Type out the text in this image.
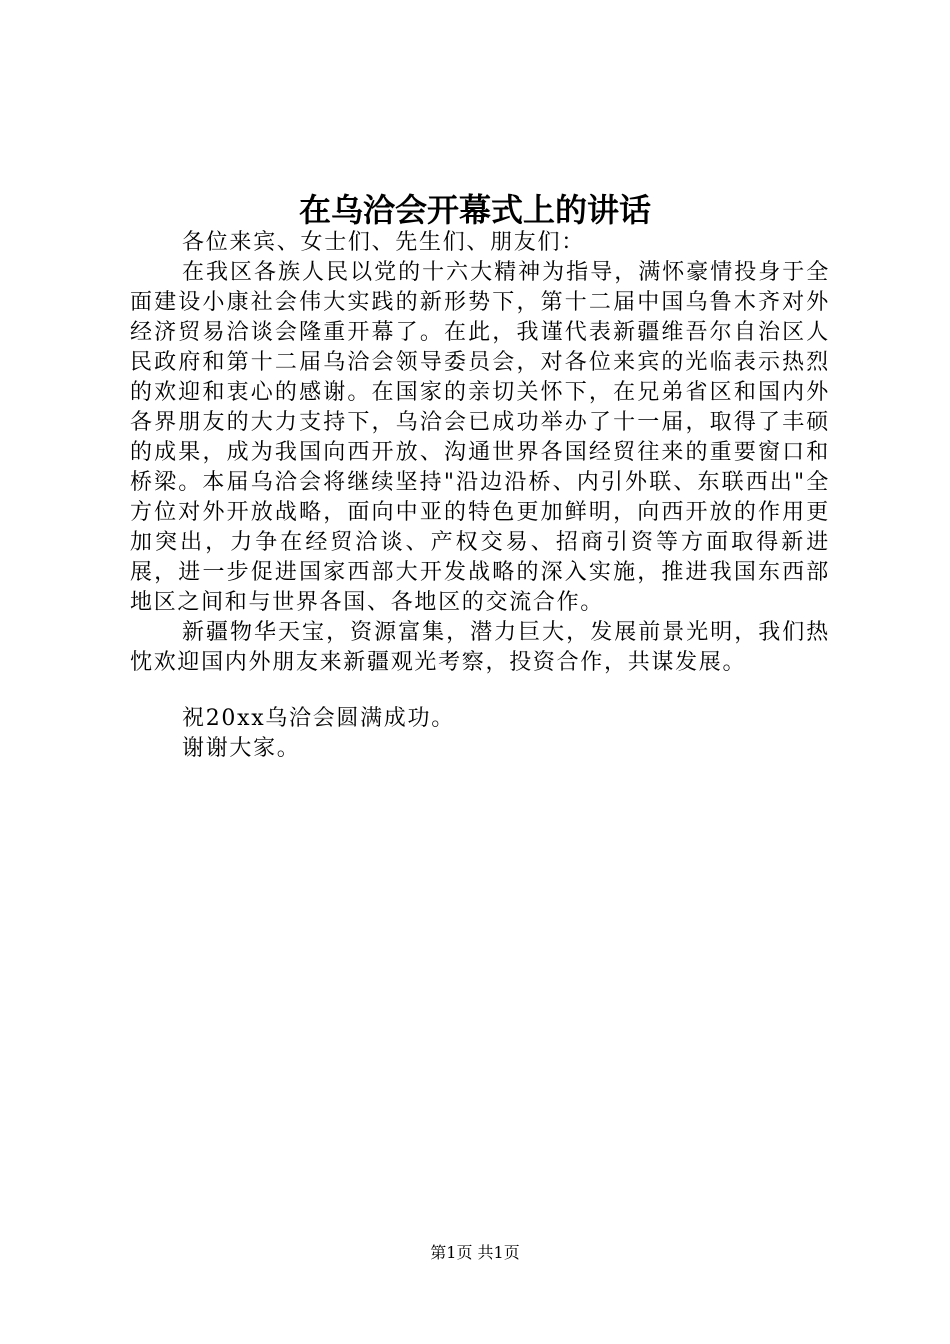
在乌洽会开幕式上的讲话

各位来宾、女士们、先生们、朋友们：

在我区各族人民以党的十六大精神为指导，满怀豪情投身于全面建设小康社会伟大实践的新形势下，第十二届中国乌鲁木齐对外经济贸易洽谈会隆重开幕了。在此，我谨代表新疆维吾尔自治区人民政府和第十二届乌洽会领导委员会，对各位来宾的光临表示热烈的欢迎和衷心的感谢。在国家的亲切关怀下，在兄弟省区和国内外各界朋友的大力支持下，乌洽会已成功举办了十一届，取得了丰硕的成果，成为我国向西开放、沟通世界各国经贸往来的重要窗口和桥梁。本届乌洽会将继续坚持"沿边沿桥、内引外联、东联西出"全方位对外开放战略，面向中亚的特色更加鲜明，向西开放的作用更加突出，力争在经贸洽谈、产权交易、招商引资等方面取得新进展，进一步促进国家西部大开发战略的深入实施，推进我国东西部地区之间和与世界各国、各地区的交流合作。

新疆物华天宝，资源富集，潜力巨大，发展前景光明，我们热忱欢迎国内外朋友来新疆观光考察，投资合作，共谋发展。

祝20xx乌洽会圆满成功。

谢谢大家。

第1页 共1页
